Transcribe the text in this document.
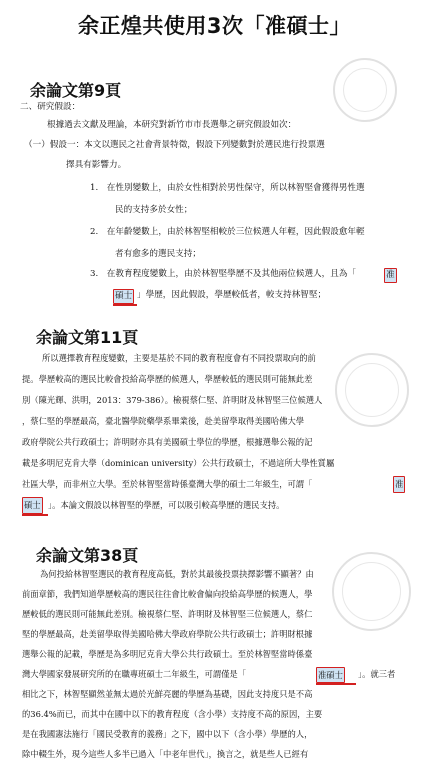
余正煌共使用3次「准碩士」
余論文第9頁
二、研究假設：
根據過去文獻及理論，本研究對新竹市市長選舉之研究假設如次：
（一）假設一：本文以選民之社會背景特徵，假設下列變數對於選民進行投票選
擇具有影響力。
1.　在性別變數上，由於女性相對於男性保守，所以林智堅會獲得男性選
民的支持多於女性；
2.　在年齡變數上，由於林智堅相較於三位候選人年輕，因此假設愈年輕
者有愈多的選民支持；
3.　在教育程度變數上，由於林智堅學歷不及其他兩位候選人，且為「	准
碩士 」學歷，因此假設，學歷較低者，較支持林智堅；
余論文第11頁
所以選擇教育程度變數，主要是基於不同的教育程度會有不同投票取向的前
提。學歷較高的選民比較會投給高學歷的候選人，學歷較低的選民則可能無此差
別（陳光輝、洪明，2013：379-386）。檢視蔡仁堅、許明財及林智堅三位候選人
，蔡仁堅的學歷最高，臺北醫學院藥學系畢業後，赴美留學取得美國哈佛大學
政府學院公共行政碩士；許明財亦具有美國碩士學位的學歷，根據選舉公報的記
載是多明尼克肯大學（dominican university）公共行政碩士，不過這所大學性質屬
社區大學，而非州立大學。至於林智堅當時係臺灣大學的碩士二年級生，可謂「	准
碩士 」。本論文假設以林智堅的學歷，可以吸引較高學歷的選民支持。
余論文第38頁
為何投給林智堅選民的教育程度高低，對於其最後投票抉擇影響不顯著？由
前面章節，我們知道學歷較高的選民往往會比較會偏向投給高學歷的候選人，學
歷較低的選民則可能無此差別。檢視蔡仁堅、許明財及林智堅三位候選人，蔡仁
堅的學歷最高，赴美留學取得美國哈佛大學政府學院公共行政碩士；許明財根據
選舉公報的記載，學歷是為多明尼克肯大學公共行政碩士。至於林智堅當時係臺
灣大學國家發展研究所的在職專班碩士二年級生，可謂僅是「	准碩士 」。就三者
相比之下，林智堅顯然並無太過於光鮮亮麗的學歷為基礎，因此支持度只是不高
的36.4%而已，而其中在國中以下的教育程度（含小學）支持度不高的原因，主要
是在我國憲法施行「國民受教育的義務」之下，國中以下（含小學）學歷的人，
除中輟生外，現今這些人多半已過入「中老年世代」，換言之，就是些人已經有
